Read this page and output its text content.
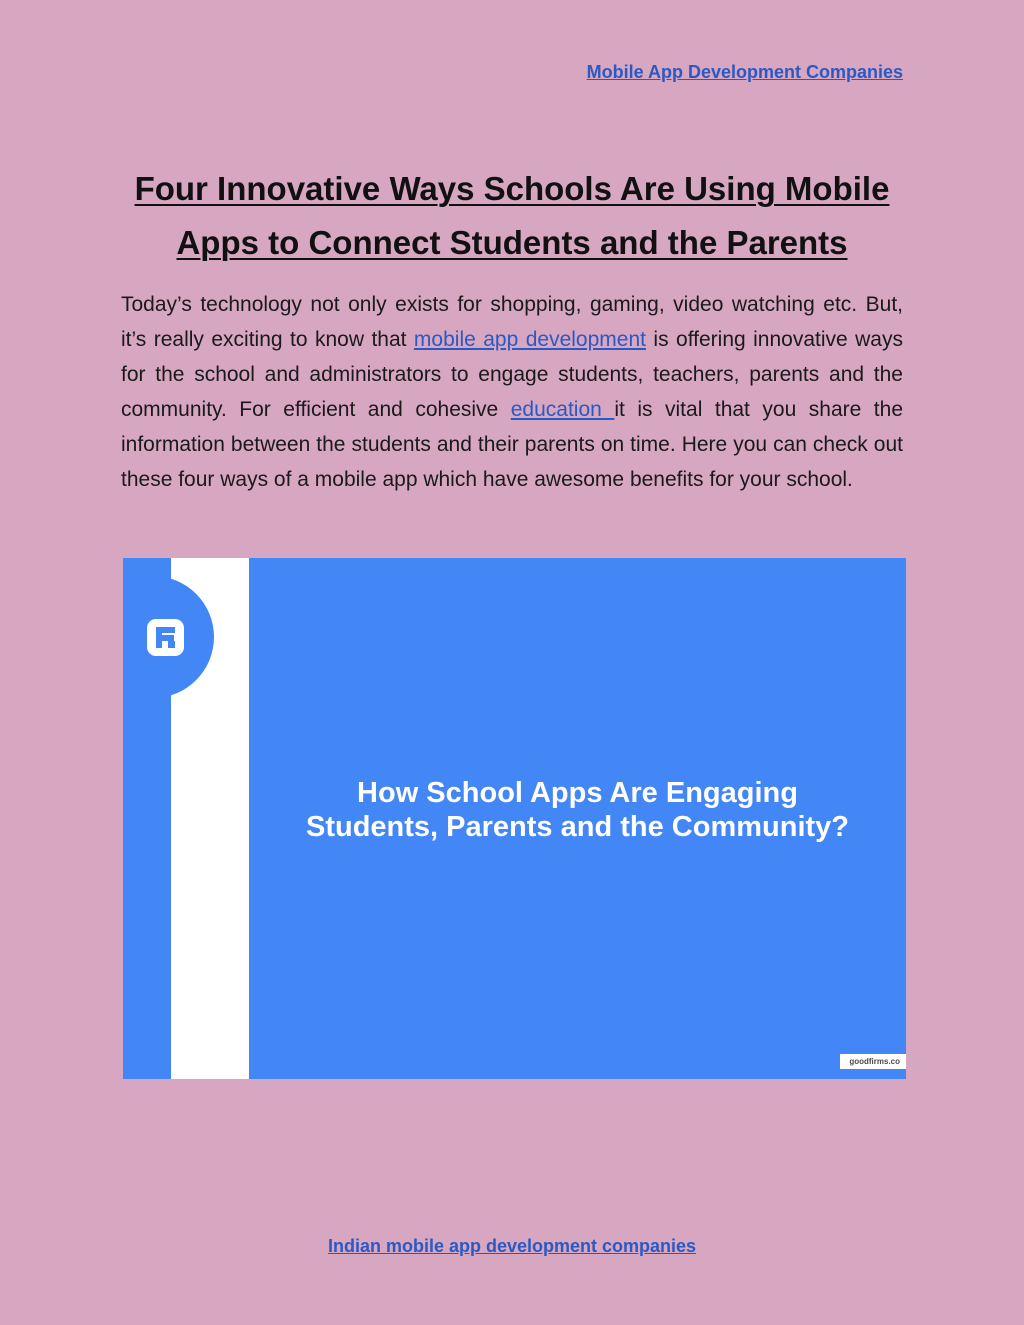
Mobile App Development Companies
Four Innovative Ways Schools Are Using Mobile
Apps to Connect Students and the Parents

Today’s technology not only exists for shopping, gaming, video watching etc. But, it’s really exciting to know that mobile app development is offering innovative ways for the school and administrators to engage students, teachers, parents and the community. For efficient and cohesive education it is vital that you share the information between the students and their parents on time. Here you can check out these four ways of a mobile app which have awesome benefits for your school.

How School Apps Are Engaging
Students, Parents and the Community?
goodfirms.co
Indian mobile app development companies
